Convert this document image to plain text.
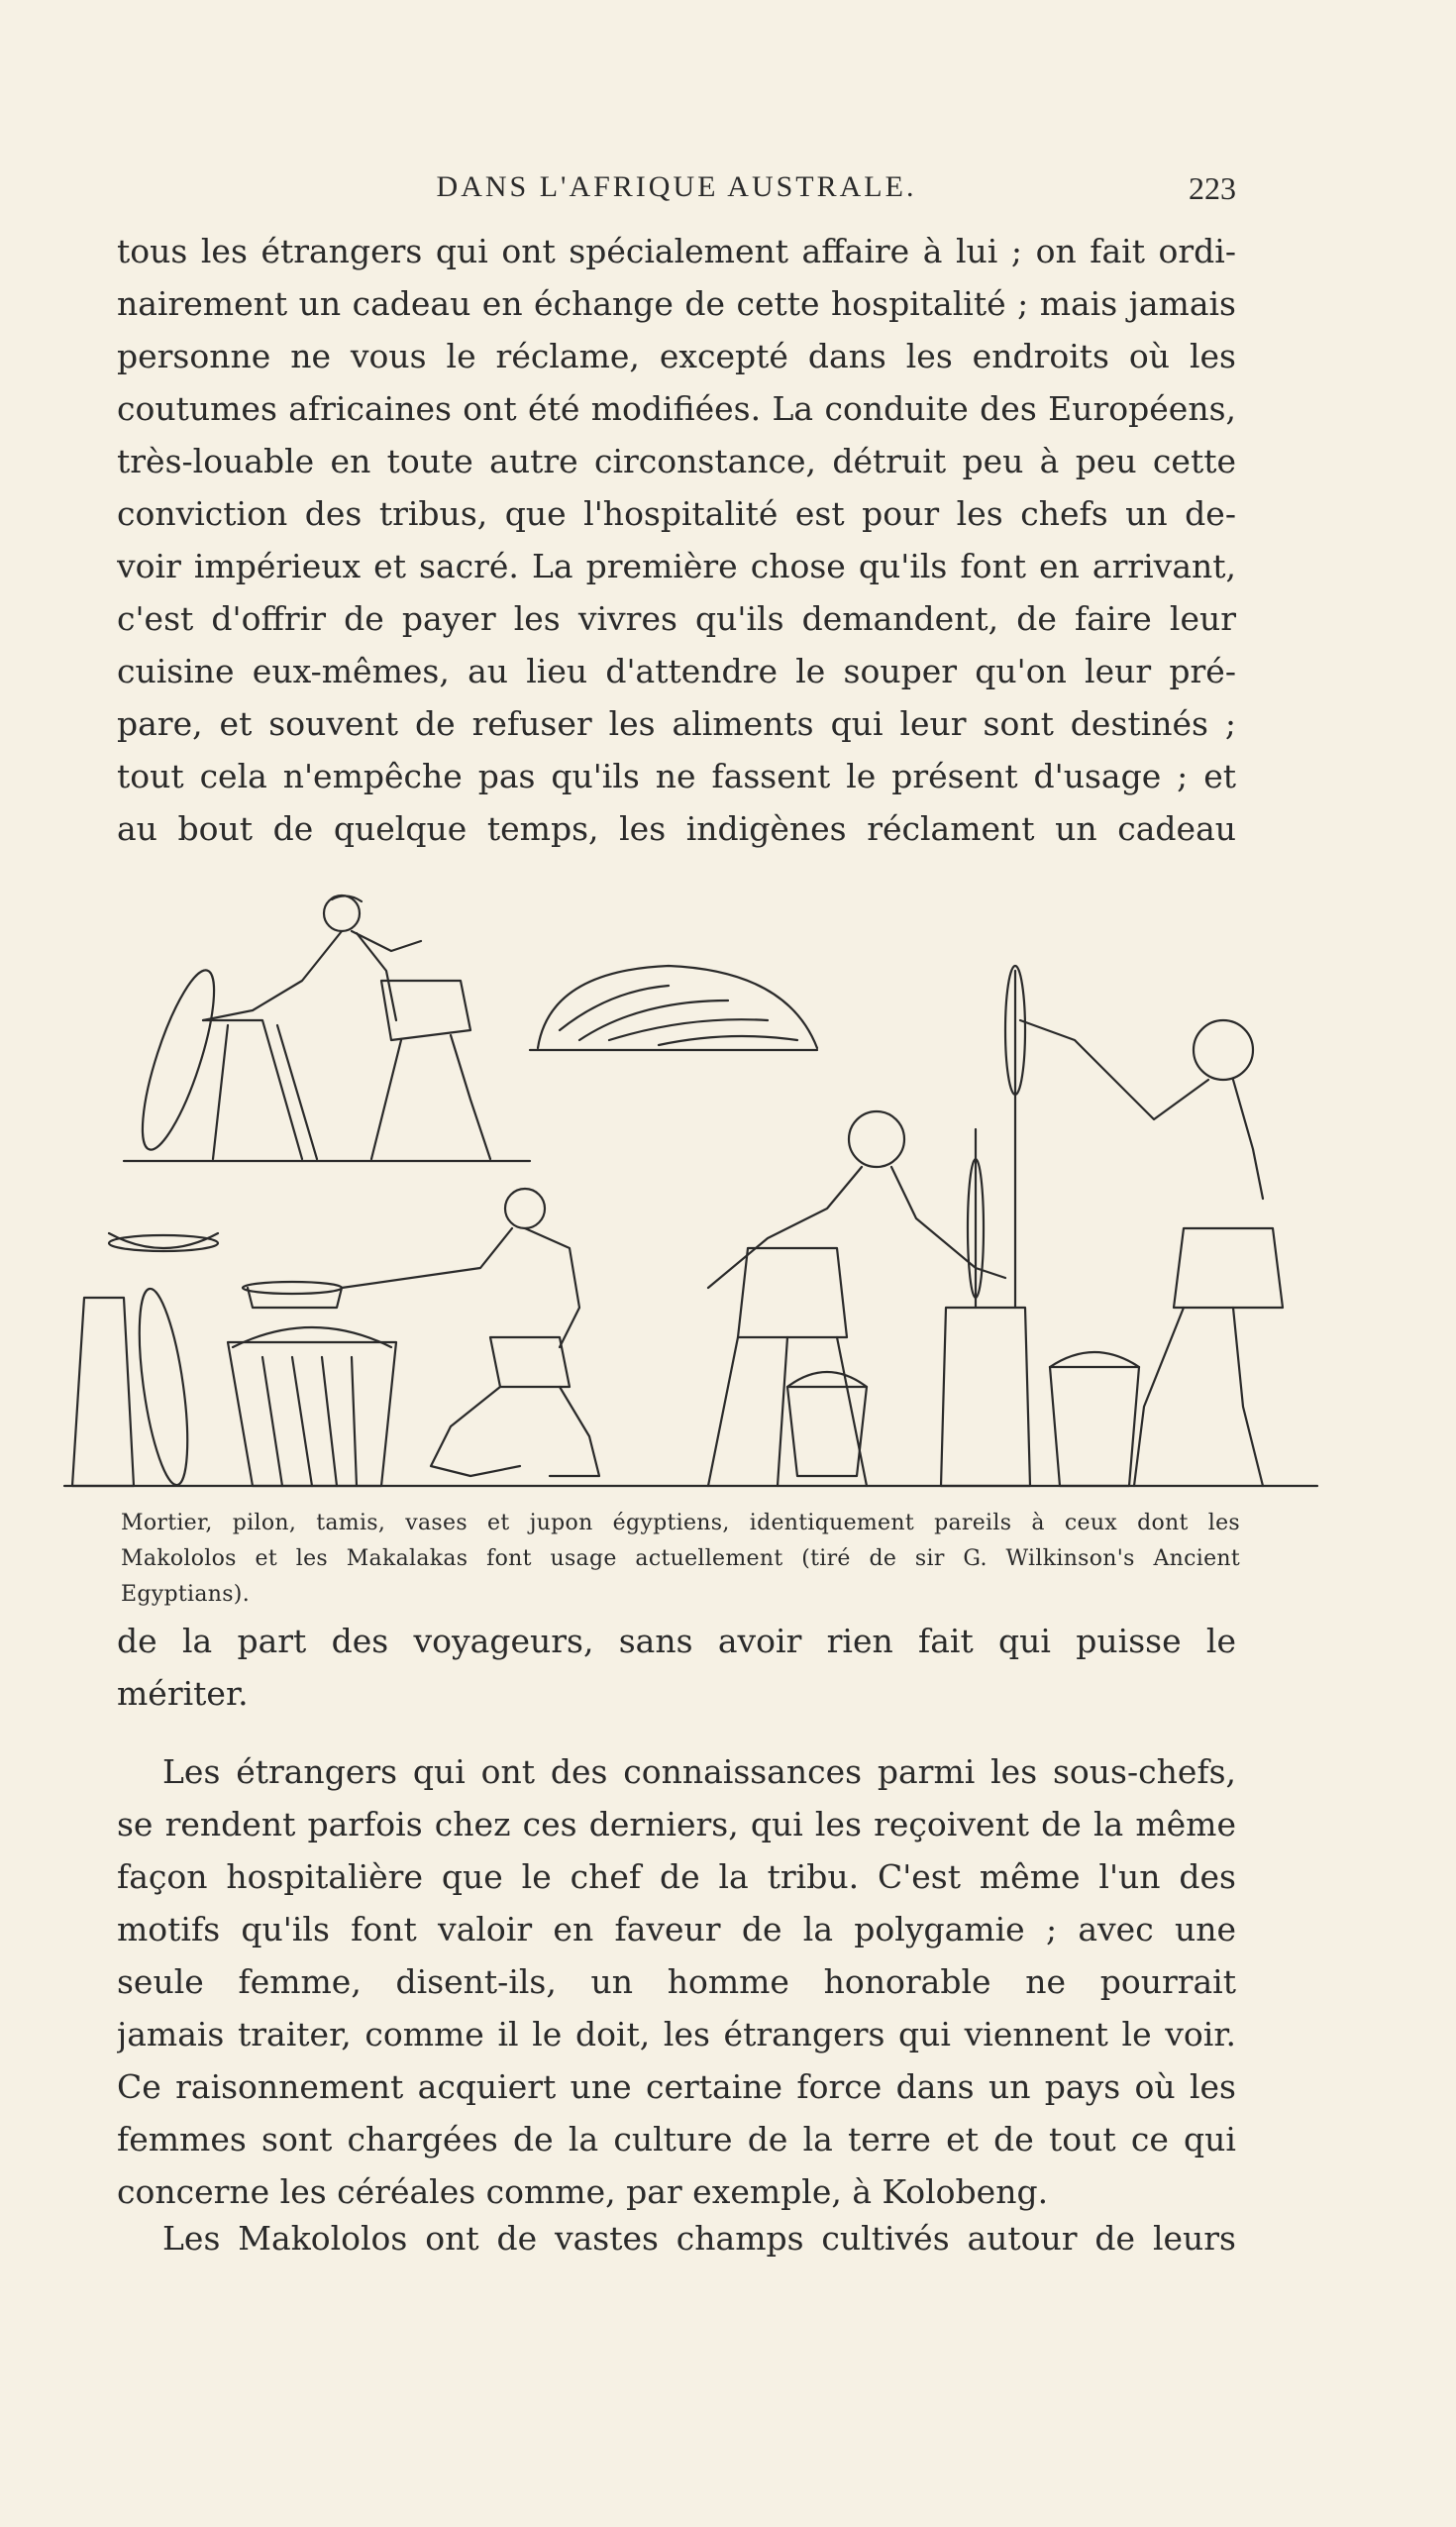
DANS L'AFRIQUE AUSTRALE.	223
tous les étrangers qui ont spécialement affaire à lui ; on fait ordi-
nairement un cadeau en échange de cette hospitalité ; mais jamais
personne ne vous le réclame, excepté dans les endroits où les
coutumes africaines ont été modifiées. La conduite des Européens,
très-louable en toute autre circonstance, détruit peu à peu cette
conviction des tribus, que l'hospitalité est pour les chefs un de-
voir impérieux et sacré. La première chose qu'ils font en arrivant,
c'est d'offrir de payer les vivres qu'ils demandent, de faire leur
cuisine eux-mêmes, au lieu d'attendre le souper qu'on leur pré-
pare, et souvent de refuser les aliments qui leur sont destinés ;
tout cela n'empêche pas qu'ils ne fassent le présent d'usage ; et
au bout de quelque temps, les indigènes réclament un cadeau
Mortier, pilon, tamis, vases et jupon égyptiens, identiquement pareils à ceux dont les
Makololos et les Makalakas font usage actuellement (tiré de sir G. Wilkinson's Ancient
Egyptians).
de la part des voyageurs, sans avoir rien fait qui puisse le
mériter.
Les étrangers qui ont des connaissances parmi les sous-chefs,
se rendent parfois chez ces derniers, qui les reçoivent de la même
façon hospitalière que le chef de la tribu. C'est même l'un des
motifs qu'ils font valoir en faveur de la polygamie ; avec une
seule femme, disent-ils, un homme honorable ne pourrait
jamais traiter, comme il le doit, les étrangers qui viennent le voir.
Ce raisonnement acquiert une certaine force dans un pays où les
femmes sont chargées de la culture de la terre et de tout ce qui
concerne les céréales comme, par exemple, à Kolobeng.
Les Makololos ont de vastes champs cultivés autour de leurs
